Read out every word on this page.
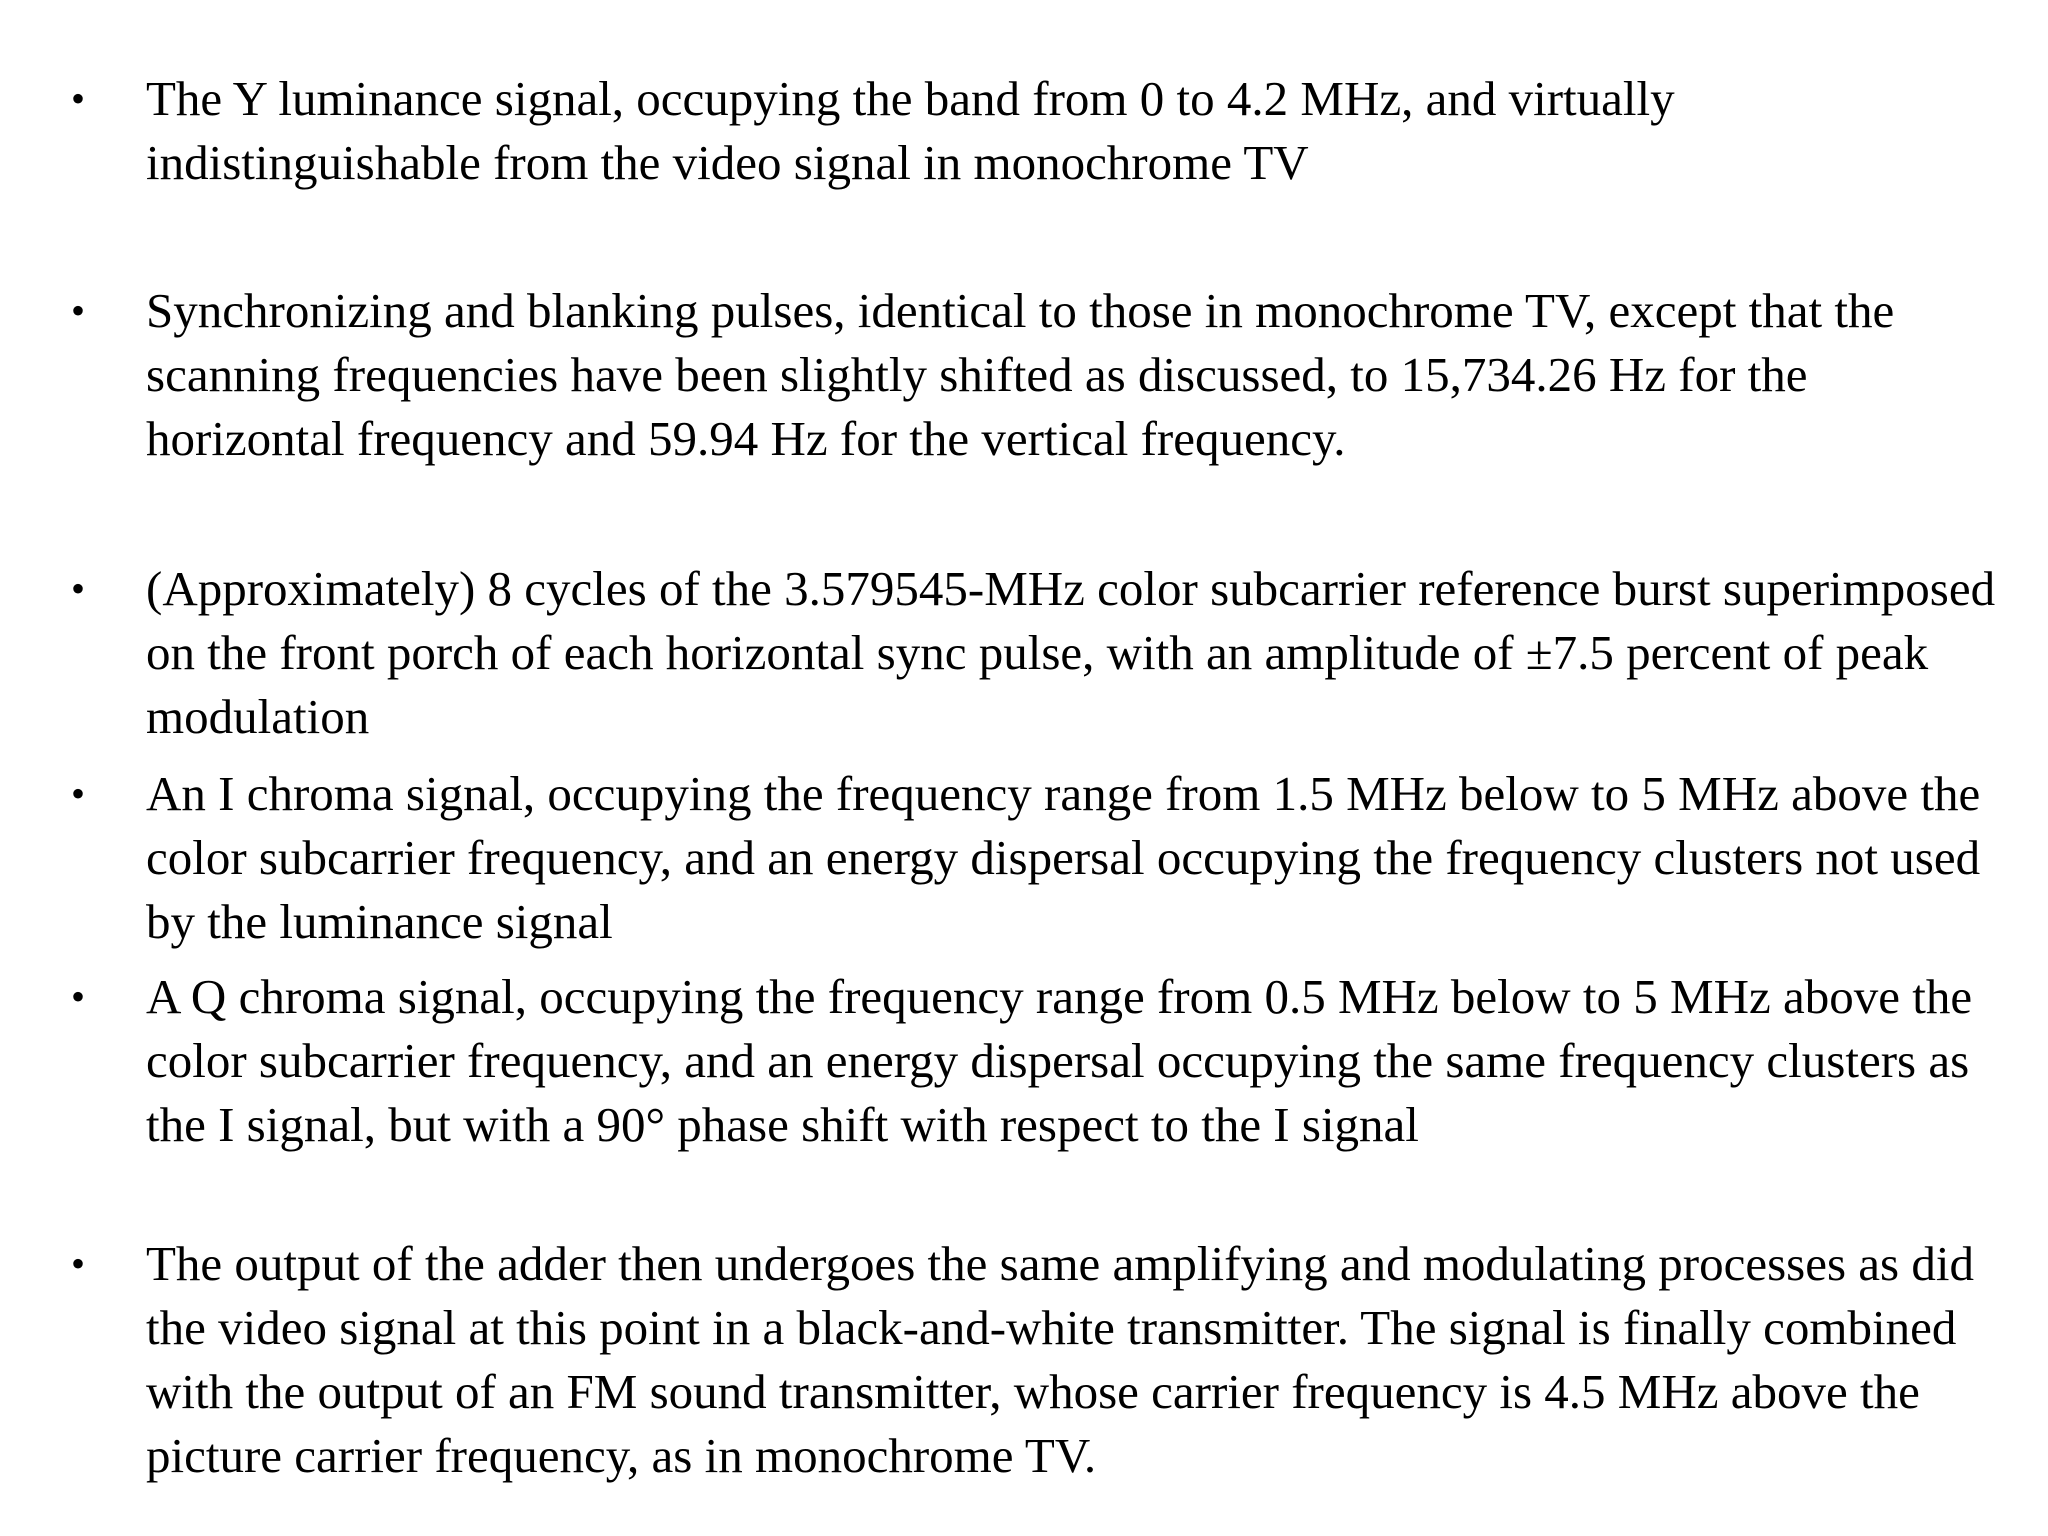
• The Y luminance signal, occupying the band from 0 to 4.2 MHz, and virtually indistinguishable from the video signal in monochrome TV
• Synchronizing and blanking pulses, identical to those in monochrome TV, except that the scanning frequencies have been slightly shifted as discussed, to 15,734.26 Hz for the horizontal frequency and 59.94 Hz for the vertical frequency.
• (Approximately) 8 cycles of the 3.579545-MHz color subcarrier reference burst superimposed on the front porch of each horizontal sync pulse, with an amplitude of ±7.5 percent of peak modulation
• An I chroma signal, occupying the frequency range from 1.5 MHz below to 5 MHz above the color subcarrier frequency, and an energy dispersal occupying the frequency clusters not used by the luminance signal
• A Q chroma signal, occupying the frequency range from 0.5 MHz below to 5 MHz above the color subcarrier frequency, and an energy dispersal occupying the same frequency clusters as the I signal, but with a 90° phase shift with respect to the I signal
• The output of the adder then undergoes the same amplifying and modulating processes as did the video signal at this point in a black-and-white transmitter. The signal is finally combined with the output of an FM sound transmitter, whose carrier frequency is 4.5 MHz above the picture carrier frequency, as in monochrome TV.
